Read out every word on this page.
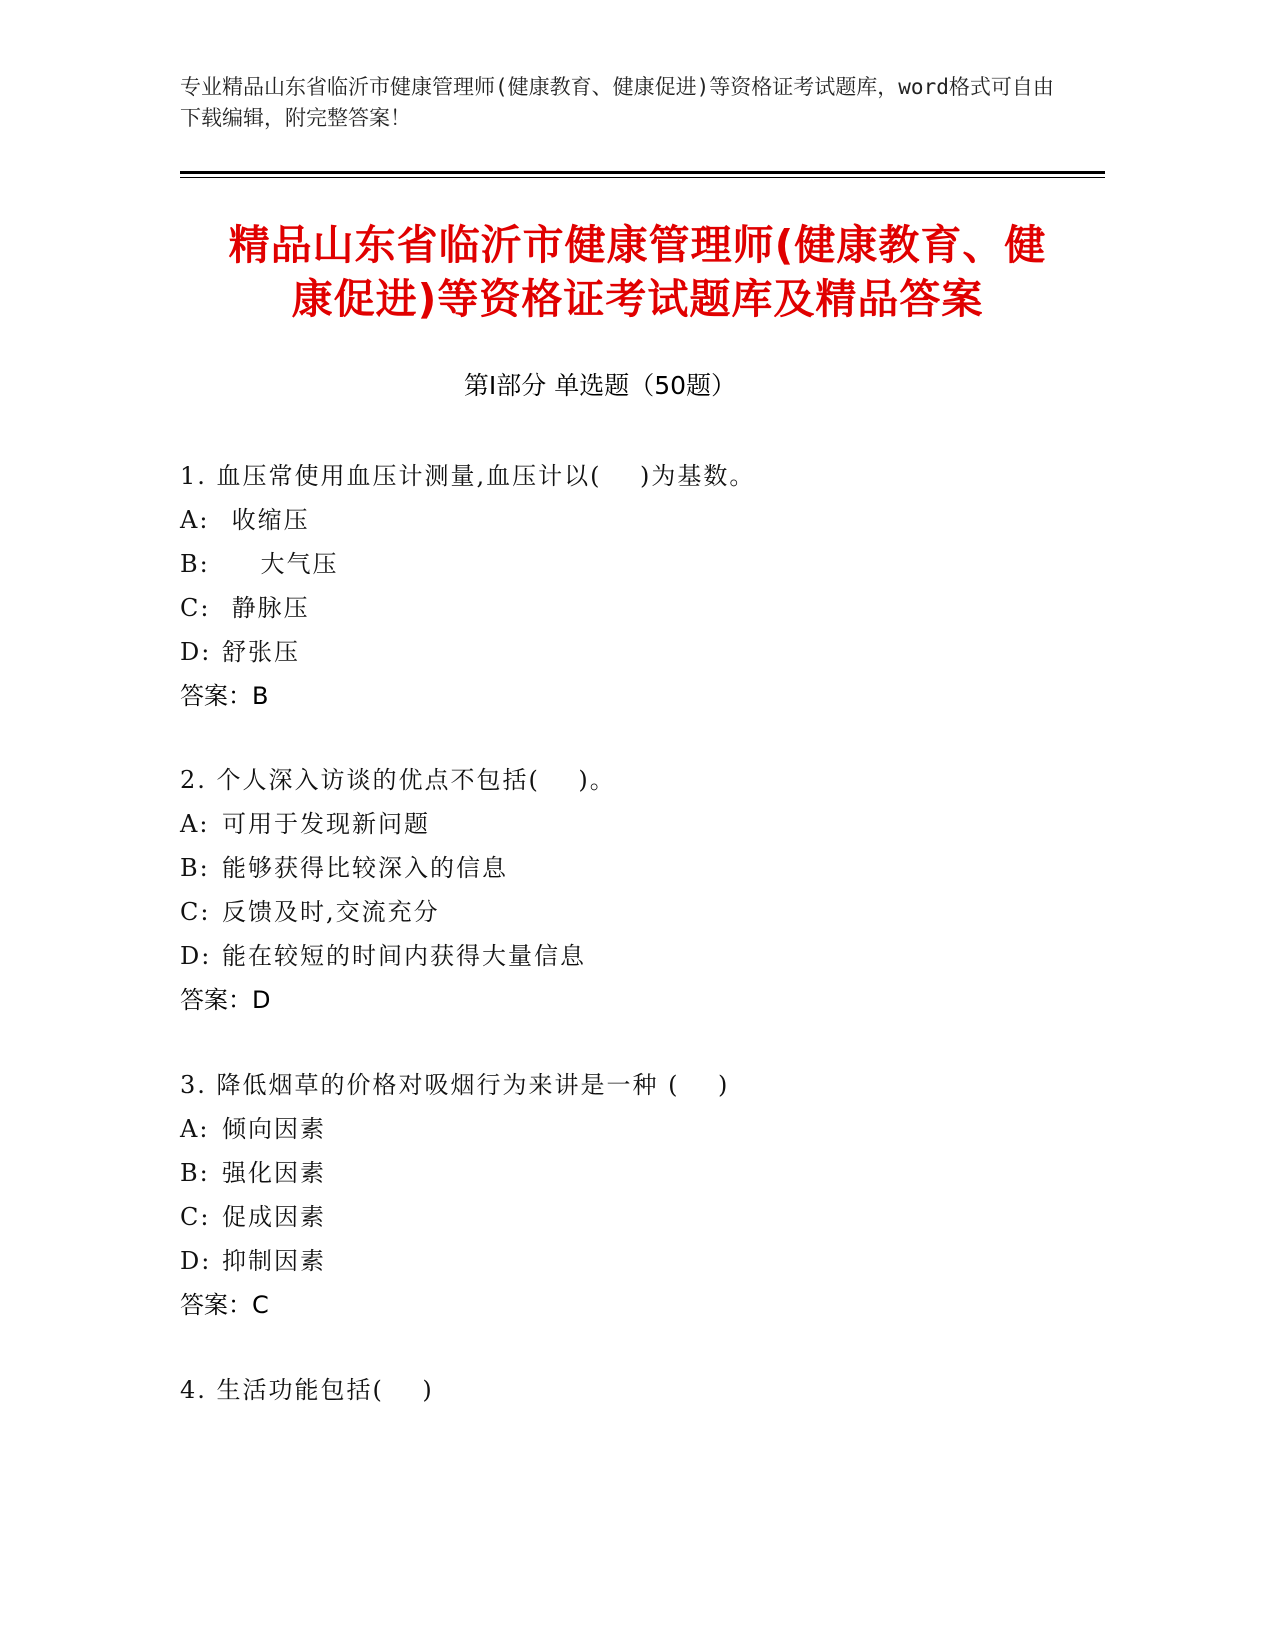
专业精品山东省临沂市健康管理师(健康教育、健康促进)等资格证考试题库，word格式可自由下载编辑，附完整答案！
精品山东省临沂市健康管理师(健康教育、健
康促进)等资格证考试题库及精品答案
第Ⅰ部分 单选题（50题）
1. 血压常使用血压计测量,血压计以(    )为基数。
A: 收缩压
B:    大气压
C: 静脉压
D: 舒张压
答案：B
2. 个人深入访谈的优点不包括(    )。
A: 可用于发现新问题
B: 能够获得比较深入的信息
C: 反馈及时,交流充分
D: 能在较短的时间内获得大量信息
答案：D
3. 降低烟草的价格对吸烟行为来讲是一种 (    )
A: 倾向因素
B: 强化因素
C: 促成因素
D: 抑制因素
答案：C
4. 生活功能包括(    )
